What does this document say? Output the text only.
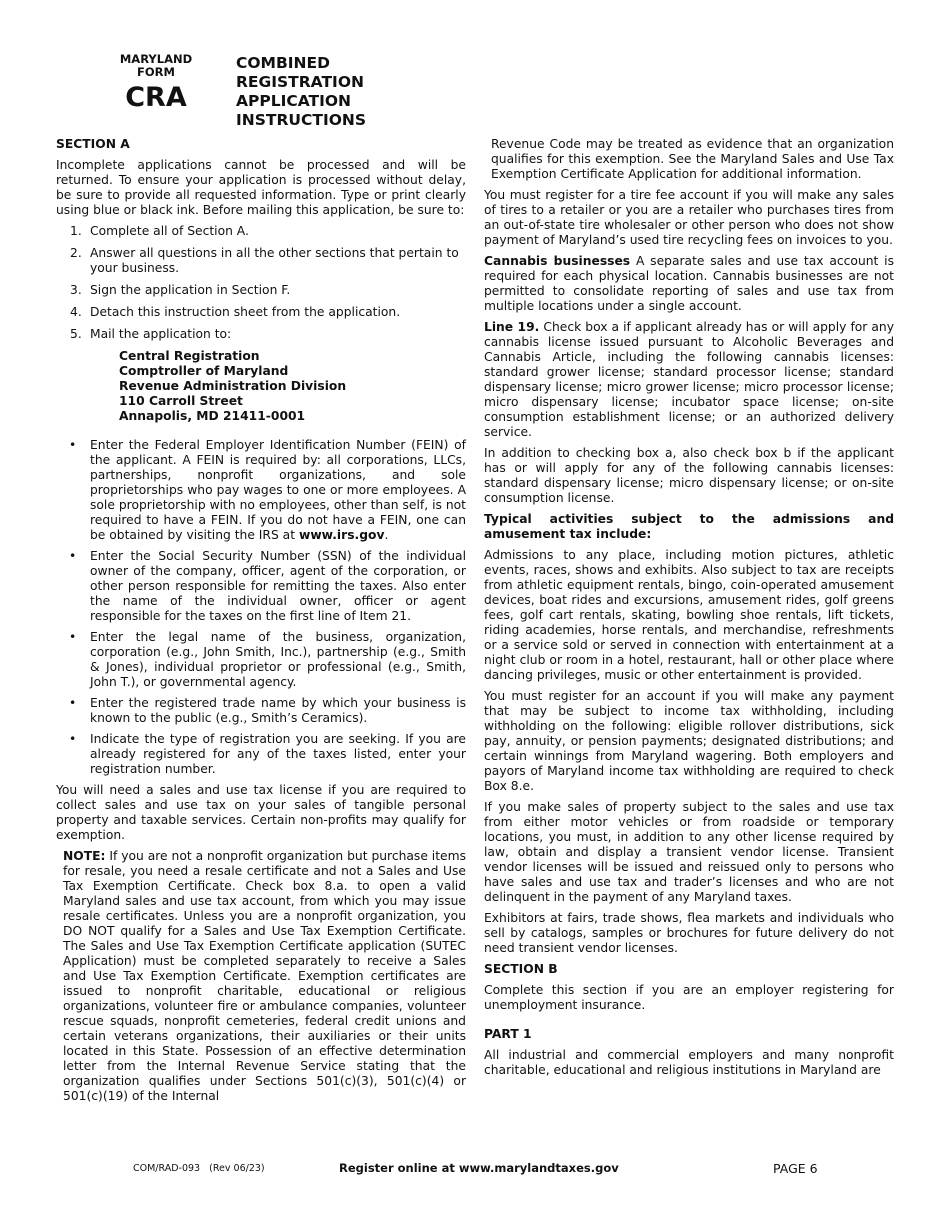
MARYLAND
FORM
CRA
COMBINED
REGISTRATION
APPLICATION
INSTRUCTIONS

SECTION A

Incomplete applications cannot be processed and will be returned. To ensure your application is processed without delay, be sure to provide all requested information. Type or print clearly using blue or black ink. Before mailing this application, be sure to:

1. Complete all of Section A.
2. Answer all questions in all the other sections that pertain to your business.
3. Sign the application in Section F.
4. Detach this instruction sheet from the application.
5. Mail the application to:
Central Registration
Comptroller of Maryland
Revenue Administration Division
110 Carroll Street
Annapolis, MD 21411-0001
• Enter the Federal Employer Identification Number (FEIN) of the applicant. A FEIN is required by: all corporations, LLCs, partnerships, nonprofit organizations, and sole proprietorships who pay wages to one or more employees. A sole proprietorship with no employees, other than self, is not required to have a FEIN. If you do not have a FEIN, one can be obtained by visiting the IRS at www.irs.gov.
• Enter the Social Security Number (SSN) of the individual owner of the company, officer, agent of the corporation, or other person responsible for remitting the taxes. Also enter the name of the individual owner, officer or agent responsible for the taxes on the first line of Item 21.
• Enter the legal name of the business, organization, corporation (e.g., John Smith, Inc.), partnership (e.g., Smith & Jones), individual proprietor or professional (e.g., Smith, John T.), or governmental agency.
• Enter the registered trade name by which your business is known to the public (e.g., Smith’s Ceramics).
• Indicate the type of registration you are seeking. If you are already registered for any of the taxes listed, enter your registration number.

You will need a sales and use tax license if you are required to collect sales and use tax on your sales of tangible personal property and taxable services. Certain non-profits may qualify for exemption.

NOTE: If you are not a nonprofit organization but purchase items for resale, you need a resale certificate and not a Sales and Use Tax Exemption Certificate. Check box 8.a. to open a valid Maryland sales and use tax account, from which you may issue resale certificates. Unless you are a nonprofit organization, you DO NOT qualify for a Sales and Use Tax Exemption Certificate. The Sales and Use Tax Exemption Certificate application (SUTEC Application) must be completed separately to receive a Sales and Use Tax Exemption Certificate. Exemption certificates are issued to nonprofit charitable, educational or religious organizations, volunteer fire or ambulance companies, volunteer rescue squads, nonprofit cemeteries, federal credit unions and certain veterans organizations, their auxiliaries or their units located in this State. Possession of an effective determination letter from the Internal Revenue Service stating that the organization qualifies under Sections 501(c)(3), 501(c)(4) or 501(c)(19) of the Internal

Revenue Code may be treated as evidence that an organization qualifies for this exemption. See the Maryland Sales and Use Tax Exemption Certificate Application for additional information.

You must register for a tire fee account if you will make any sales of tires to a retailer or you are a retailer who purchases tires from an out-of-state tire wholesaler or other person who does not show payment of Maryland’s used tire recycling fees on invoices to you.

Cannabis businesses A separate sales and use tax account is required for each physical location. Cannabis businesses are not permitted to consolidate reporting of sales and use tax from multiple locations under a single account.

Line 19. Check box a if applicant already has or will apply for any cannabis license issued pursuant to Alcoholic Beverages and Cannabis Article, including the following cannabis licenses: standard grower license; standard processor license; standard dispensary license; micro grower license; micro processor license; micro dispensary license; incubator space license; on-site consumption establishment license; or an authorized delivery service.

In addition to checking box a, also check box b if the applicant has or will apply for any of the following cannabis licenses: standard dispensary license; micro dispensary license; or on-site consumption license.

Typical activities subject to the admissions and amusement tax include:

Admissions to any place, including motion pictures, athletic events, races, shows and exhibits. Also subject to tax are receipts from athletic equipment rentals, bingo, coin-operated amusement devices, boat rides and excursions, amusement rides, golf greens fees, golf cart rentals, skating, bowling shoe rentals, lift tickets, riding academies, horse rentals, and merchandise, refreshments or a service sold or served in connection with entertainment at a night club or room in a hotel, restaurant, hall or other place where dancing privileges, music or other entertainment is provided.

You must register for an account if you will make any payment that may be subject to income tax withholding, including withholding on the following: eligible rollover distributions, sick pay, annuity, or pension payments; designated distributions; and certain winnings from Maryland wagering. Both employers and payors of Maryland income tax withholding are required to check Box 8.e.

If you make sales of property subject to the sales and use tax from either motor vehicles or from roadside or temporary locations, you must, in addition to any other license required by law, obtain and display a transient vendor license. Transient vendor licenses will be issued and reissued only to persons who have sales and use tax and trader’s licenses and who are not delinquent in the payment of any Maryland taxes.

Exhibitors at fairs, trade shows, flea markets and individuals who sell by catalogs, samples or brochures for future delivery do not need transient vendor licenses.

SECTION B

Complete this section if you are an employer registering for unemployment insurance.

PART 1

All industrial and commercial employers and many nonprofit charitable, educational and religious institutions in Maryland are

COM/RAD-093   (Rev 06/23)	Register online at www.marylandtaxes.gov	PAGE 6
